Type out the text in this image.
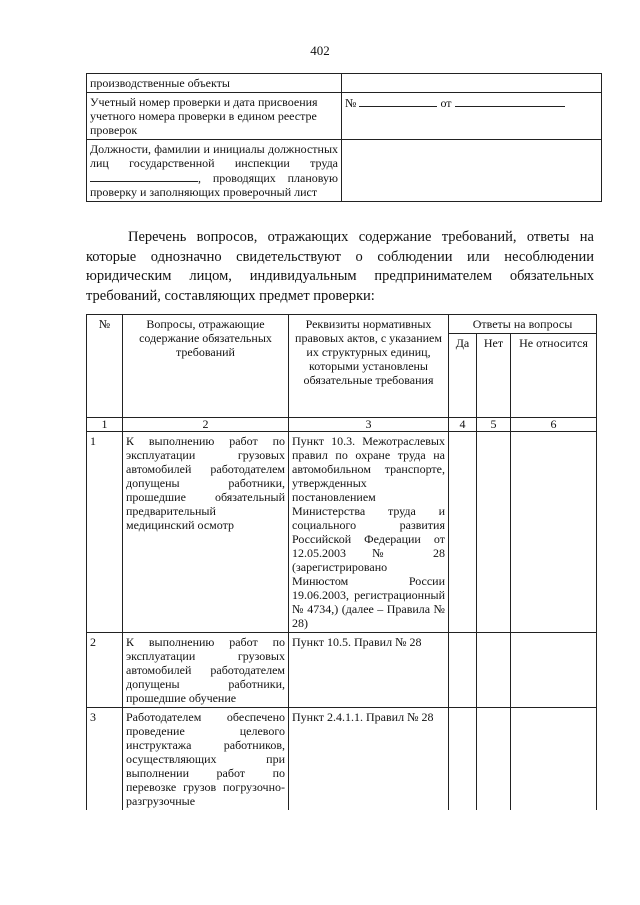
402
производственные объекты	
Учетный номер проверки и дата присвоения учетного номера проверки в едином реестре проверок	№ от
Должности, фамилии и инициалы должностных лиц государственной инспекции труда , проводящих плановую проверку и заполняющих проверочный лист	
Перечень вопросов, отражающих содержание требований, ответы на которые однозначно свидетельствуют о соблюдении или несоблюдении юридическим лицом, индивидуальным предпринимателем обязательных требований, составляющих предмет проверки:
№	Вопросы, отражающие содержание обязательных требований	Реквизиты нормативных правовых актов, с указанием их структурных единиц, которыми установлены обязательные требования	Ответы на вопросы		
			Да	Нет	Не относится
1	2	3	4	5	6
1	К выполнению работ по эксплуатации грузовых автомобилей работодателем допущены работники, прошедшие обязательный предварительный медицинский осмотр	Пункт 10.3. Межотраслевых правил по охране труда на автомобильном транспорте, утвержденных постановлением Министерства труда и социального развития Российской Федерации от 12.05.2003 № 28 (зарегистрировано Минюстом России 19.06.2003, регистрационный № 4734,) (далее – Правила № 28)			
2	К выполнению работ по эксплуатации грузовых автомобилей работодателем допущены работники, прошедшие обучение	Пункт 10.5. Правил № 28			
3	Работодателем обеспечено проведение целевого инструктажа работников, осуществляющих при выполнении работ по перевозке грузов погрузочно-разгрузочные	Пункт 2.4.1.1. Правил № 28			
